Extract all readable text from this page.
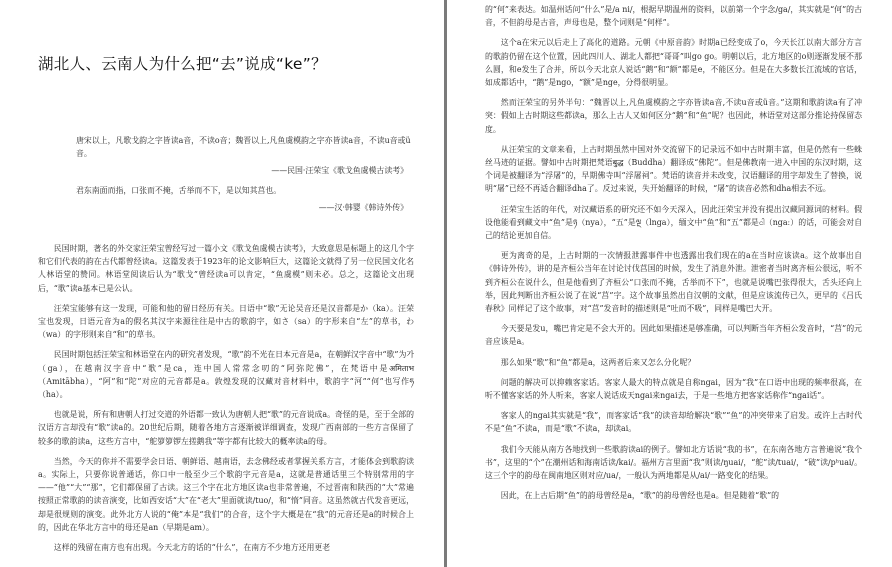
湖北人、云南人为什么把“去”说成“ke”？
唐宋以上，凡歌戈韵之字皆读a音，不读o音；魏晋以上,凡鱼虞模韵之字亦皆读a音，不读u音或ü音。
——民国·汪荣宝《歌戈鱼虞模古读考》
君东南面而指，口张而不掩，舌举而不下，是以知其莒也。
——汉·韩婴《韩诗外传》

民国时期，著名的外交家汪荣宝曾经写过一篇小文《歌戈鱼虞模古读考》，大致意思是标题上的这几个字和它们代表的韵在古代都曾经读a。这篇发表于1923年的论文影响巨大，这篇论文就得了另一位民国文化名人林语堂的赞同。林语堂阅读后认为“歌戈”曾经读a可以肯定，“鱼虞模”则未必。总之，这篇论文出现后，“歌”读a基本已是公认。

汪荣宝能够有这一发现，可能和他的留日经历有关。日语中“歌”无论吴音还是汉音都是か（ka）。汪荣宝也发现，日语元音为a的假名其汉字来源往往是中古的歌韵字，如さ（sa）的字形来自“左”的草书，わ（wa）的字形则来自“和”的草书。

民国时期包括汪荣宝和林语堂在内的研究者发现，“歌”韵不光在日本元音是a，在朝鲜汉字音中“歌”为가（ga），在越南汉字音中“歌”是ca，连中国人常常念叨的“阿弥陀佛”，在梵语中是अमिताभ（Amitābha），“阿”和“陀”对应的元音都是a。敦煌发现的汉藏对音材料中，歌韵字“河”“何”也写作ཧ（ha）。

也就是说，所有和唐朝人打过交道的外语都一致认为唐朝人把“歌”的元音说成a。奇怪的是，至于全部的汉语方言却没有“歌”读a的。20世纪后期，随着各地方言逐渐被详细调查，发现广西南部的一些方言保留了较多的歌韵读a，这些方言中，“舵箩箩锣左搓鹅我”等字都有比较大的概率读a的母。

当然，今天的你并不需要学会日语、朝鲜语、越南语，去念佛经或者掌握关系方言，才能体会到歌韵读a。实际上，只要你说普通话，你口中一般至少三个歌韵字元音是a，这就是普通话里三个特别常用的字——“他”“大”“那”，它们都保留了古读。这三个字在北方地区读a也非常普遍，不过晋南和陕西的“大”常遍按照正常歌韵的读音演变，比如西安话“大”在“老大”里面就读/tuo/，和“惰”同音。这虽然就古代发音更远，却是很规则的演变。此外北方人说的“俺”本是“我们”的合音，这个字大概是在“我”的元音还是a的时候合上的，因此在华北方言中的母还是an（早期是am）。

这样的残留在南方也有出现。今天北方的话的“什么”，在南方不少地方还用更老

的“何”来表达。如温州话问“什么”是/a ni/，根据早期温州的资料，以前第一个字念/ga/，其实就是“何”的古音，不但韵母是古音，声母也是，整个词则是“何样”。

这个a在宋元以后走上了高化的道路。元朝《中原音韵》时期a已经变成了o，今天长江以南大部分方言的歌韵仍留在这个位置，因此四川人、湖北人都把“哥哥”叫go go。明朝以后，北方地区的o则逐渐发展不那么圆，和e发生了合并，所以今天北京人说话“鹅”和“额”都是e，不能区分。但是在大多数长江流域的官话，如成都话中，“鹅”是ngo，“额”是nge，分得很明显。

然而汪荣宝的另外半句：“魏晋以上,凡鱼虞模韵之字亦皆读a音,不读u音或ü音。”这期和歌韵读a有了冲突：假如上古时期这些都读a，那么上古人又如何区分“鹅”和“鱼”呢？也因此，林语堂对这部分推论持保留态度。

从汪荣宝的文章来看，上古时期虽然中国对外交流留下的记录远不如中古时期丰富，但是仍然有一些蛛丝马迹的证据。譬如中古时期把梵语बुद्ध（Buddha）翻译成“佛陀”。但是佛教南一进入中国的东汉时期，这个词是被翻译为“浮屠”的，早期佛寺叫“浮屠祠”。梵语的读音并未改变，汉语翻译的用字却发生了替换，说明“屠”已经不再适合翻译dha了。反过来说，失开始翻译的时候，“屠”的读音必然和dha相去不远。

汪荣宝生活的年代，对汉藏语系的研究还不如今天深入，因此汪荣宝并没有提出汉藏同源词的材料。假设他能看到藏文中“鱼”是ཉ（nya），“五”是ལྔ（lnga），缅文中“鱼”和“五”都是ငါ（ngaː）的话，可能会对自己的结论更加自信。

更为离奇的是，上古时期的一次情报泄露事件中也透露出我们现在的a在当时应该读a。这个故事出自《韩诗外传》，讲的是齐桓公当年在讨论讨伐莒国的时候，发生了消息外泄。泄密者当时离齐桓公很远，听不到齐桓公在说什么，但是他看到了齐桓公“口张而不掩，舌举而不下”，也就是说嘴巴张得很大，舌头还向上举，因此判断出齐桓公说了在说“莒”字。这个故事虽然出自汉朝的文献，但是应该流传已久，更早的《吕氏春秋》同样记了这个故事，对“莒”发音时的描述则是“吐而不吸”，同样是嘴巴大开。

今天要是发u，嘴巴肯定是不会大开的。因此如果描述是够准确，可以判断当年齐桓公发音时，“莒”的元音应该是a。

那么如果“歌”和“鱼”都是a，这两者后来又怎么分化呢？

问题的解决可以抑赖客家话。客家人最大的特点就是自称ngai，因为“我”在口语中出现的频率很高，在听不懂客家话的外人听来，客家人说话成天ngai来ngai去，于是一些地方把客家话称作“ngai话”。

客家人的ngai其实就是“我”，而客家话“我”的读音却给解决“歌”“鱼”的冲突带来了启发。或许上古时代不是“鱼”不读a，而是“歌”不读a，却读ai。

我们今天能从南方各地找到一些歌韵读ai的例子。譬如北方话说“我的书”，在东南各地方言普遍说“我个书”，这里的“个”在潮州话和海南话读/kai/。福州方言里面“我”则读/ŋuai/，“舵”读/tuai/，“破”读/pʰuai/。这三个字的韵母在闽南地区则对应/ua/，一般认为两地都是从/ai/一路变化的结果。

因此，在上古后期“鱼”的韵母曾经是a，“歌”的韵母曾经也是a。但是随着“歌”的
